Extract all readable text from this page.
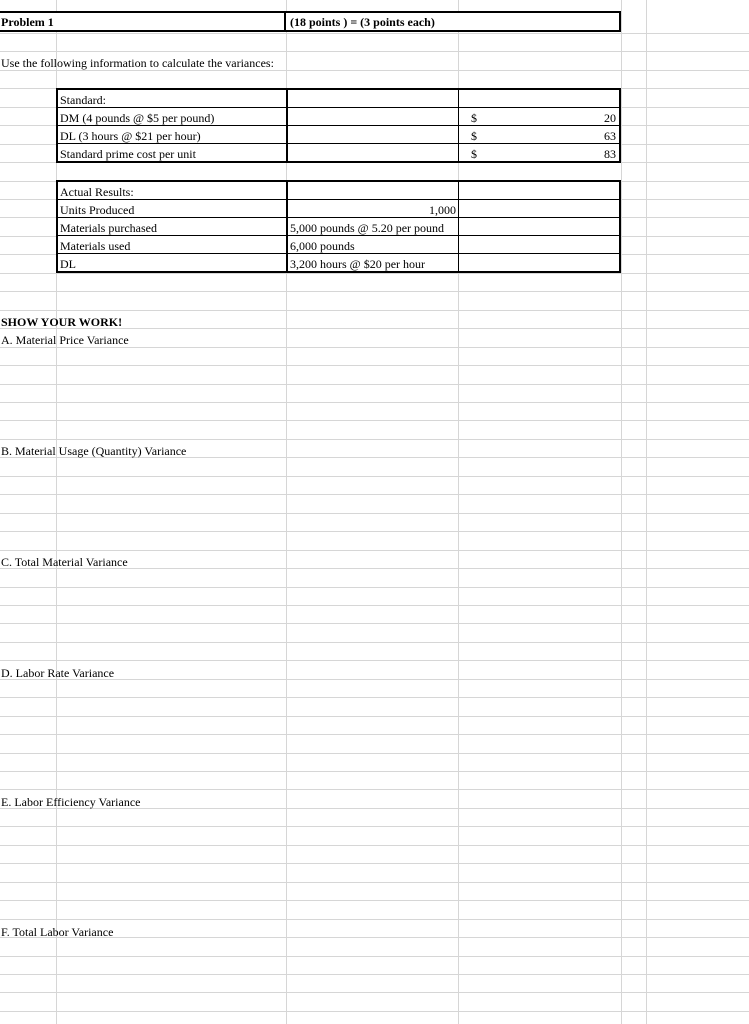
Problem 1	(18 points ) = (3 points each)
Use the following information to calculate the variances:
Standard:
DM (4 pounds @ $5 per pound)	$	20
DL (3 hours @ $21 per hour)	$	63
Standard prime cost per unit	$	83
Actual Results:
Units Produced	1,000
Materials purchased	5,000 pounds @ 5.20 per pound
Materials used	6,000 pounds
DL	3,200 hours @ $20 per hour
SHOW YOUR WORK!
A. Material Price Variance
B. Material Usage (Quantity) Variance
C. Total Material Variance
D. Labor Rate Variance
E. Labor Efficiency Variance
F. Total Labor Variance
